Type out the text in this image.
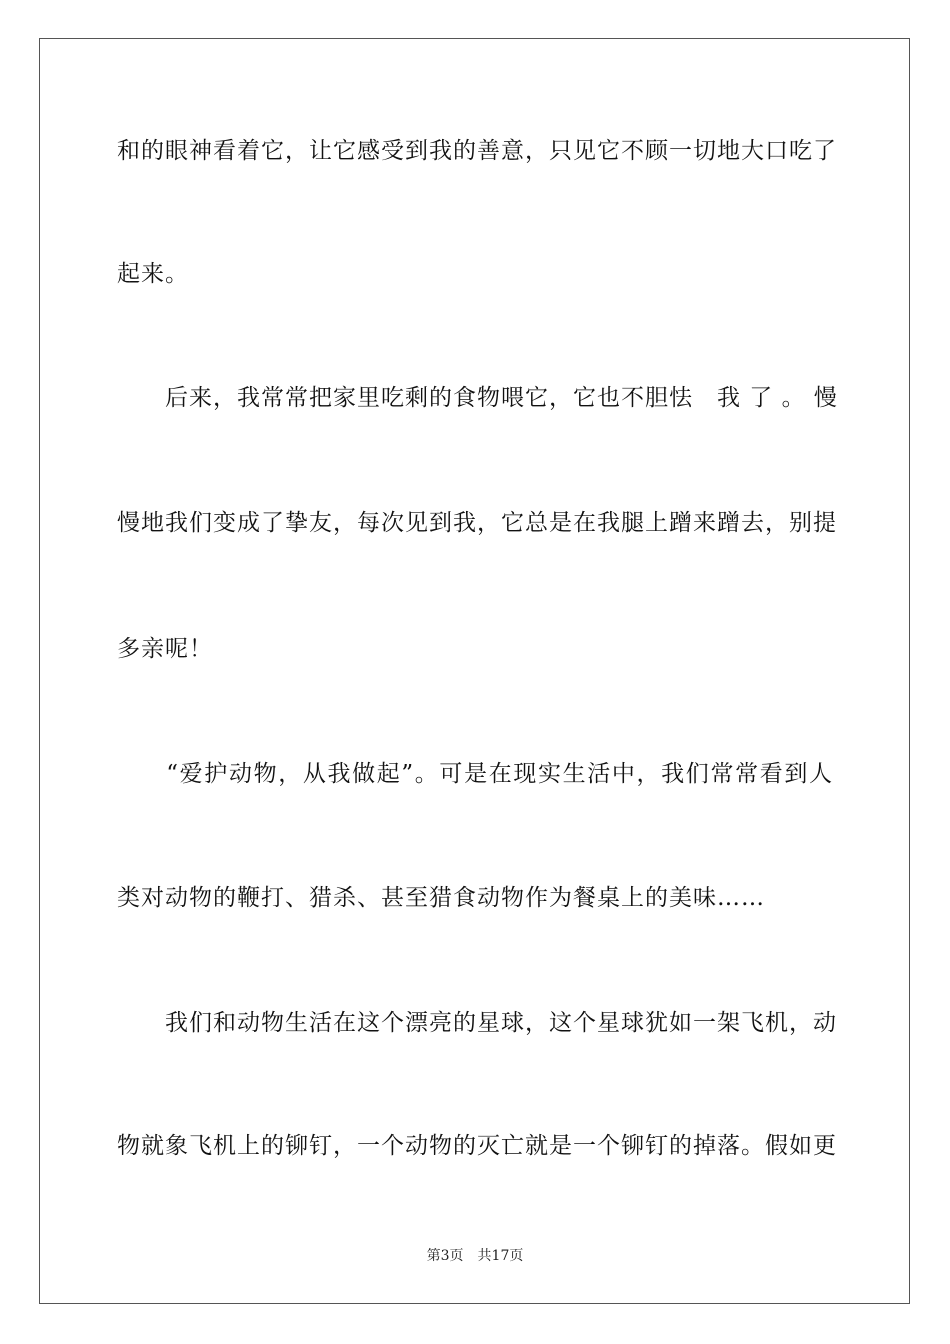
和的眼神看着它，让它感受到我的善意，只见它不顾一切地大口吃了
起来。
　　后来，我常常把家里吃剩的食物喂它，它也不胆怯　我 了 。 慢
慢地我们变成了挚友，每次见到我，它总是在我腿上蹭来蹭去，别提
多亲呢！
　　“爱护动物，从我做起”。可是在现实生活中，我们常常看到人
类对动物的鞭打、猎杀、甚至猎食动物作为餐桌上的美味……
　　我们和动物生活在这个漂亮的星球，这个星球犹如一架飞机，动
物就象飞机上的铆钉，一个动物的灭亡就是一个铆钉的掉落。假如更
第3页 共17页
